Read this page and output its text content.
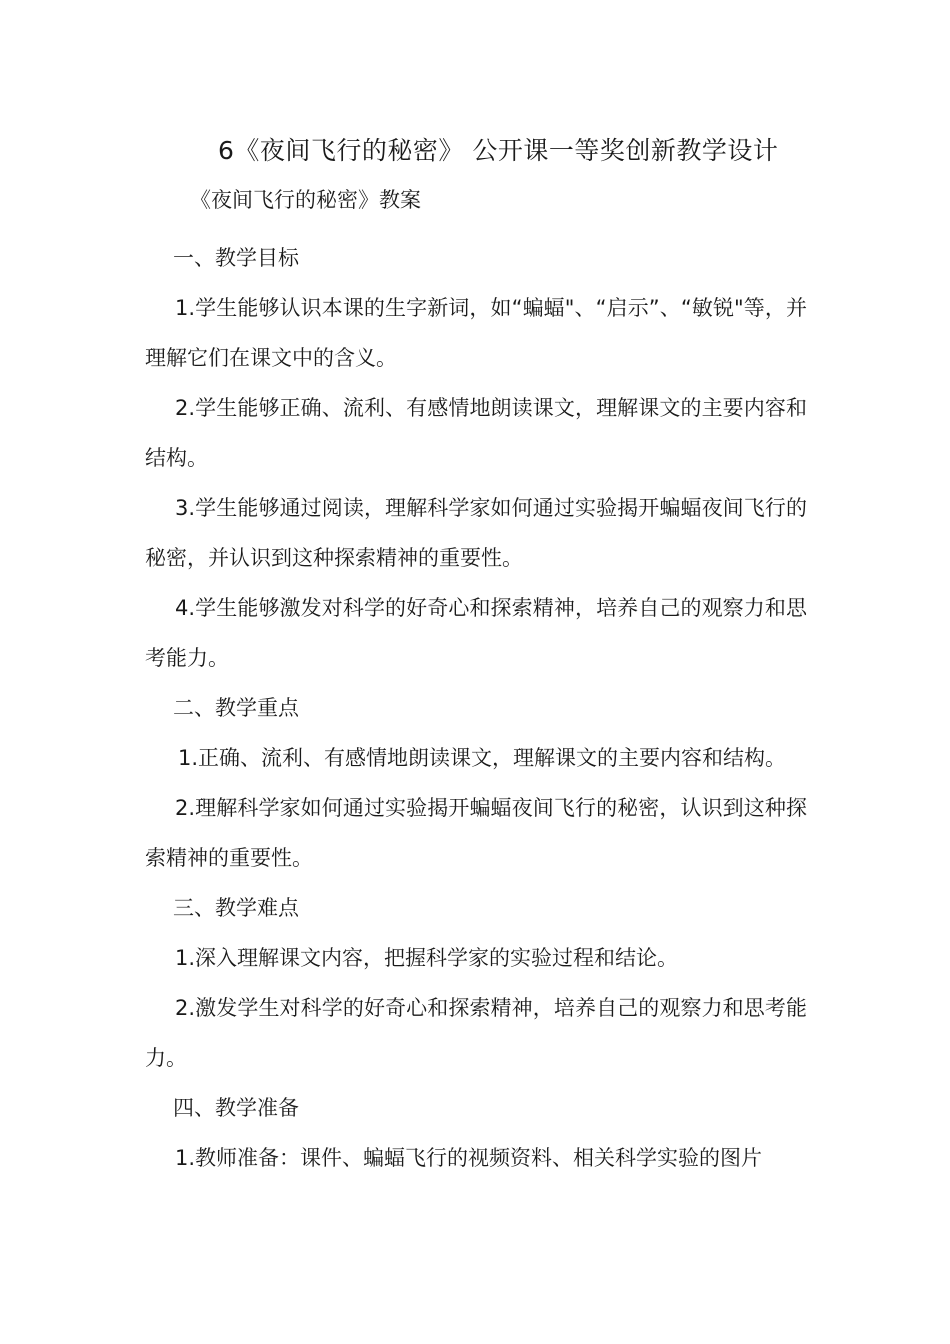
6《夜间飞行的秘密》 公开课一等奖创新教学设计
《夜间飞行的秘密》教案

一、教学目标

1.学生能够认识本课的生字新词，如“蝙蝠"、“启示”、“敏锐"等，并理解它们在课文中的含义。

2.学生能够正确、流利、有感情地朗读课文，理解课文的主要内容和结构。

3.学生能够通过阅读，理解科学家如何通过实验揭开蝙蝠夜间飞行的秘密，并认识到这种探索精神的重要性。

4.学生能够激发对科学的好奇心和探索精神，培养自己的观察力和思考能力。

二、教学重点

1.正确、流利、有感情地朗读课文，理解课文的主要内容和结构。

2.理解科学家如何通过实验揭开蝙蝠夜间飞行的秘密，认识到这种探索精神的重要性。

三、教学难点

1.深入理解课文内容，把握科学家的实验过程和结论。

2.激发学生对科学的好奇心和探索精神，培养自己的观察力和思考能力。

四、教学准备

1.教师准备：课件、蝙蝠飞行的视频资料、相关科学实验的图片
